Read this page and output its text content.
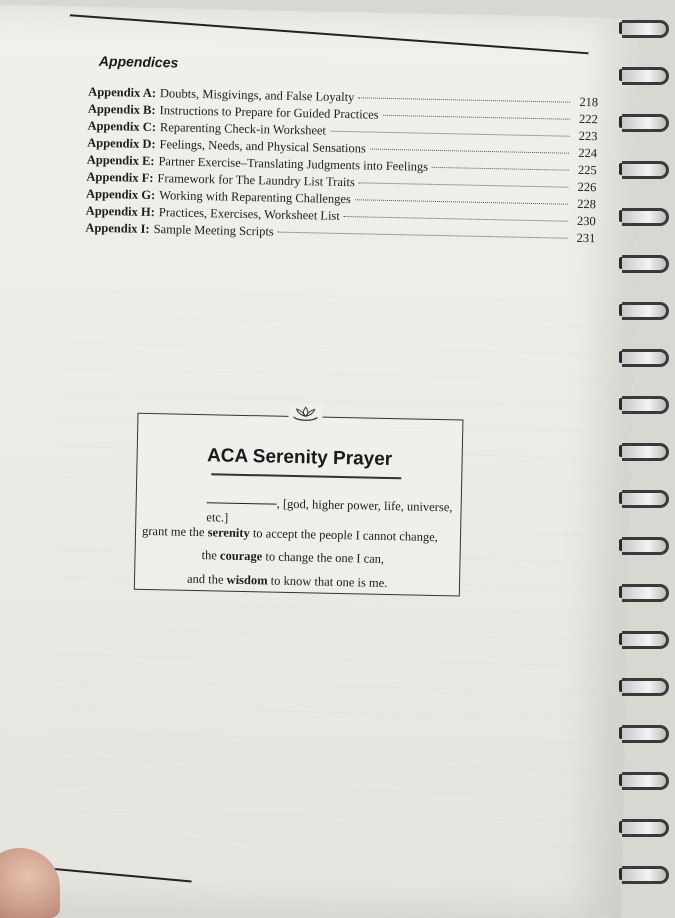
Appendices
Appendix A: Doubts, Misgivings, and False Loyalty	218
Appendix B: Instructions to Prepare for Guided Practices	222
Appendix C: Reparenting Check-in Worksheet	223
Appendix D: Feelings, Needs, and Physical Sensations	224
Appendix E: Partner Exercise–Translating Judgments into Feelings	225
Appendix F: Framework for The Laundry List Traits	226
Appendix G: Working with Reparenting Challenges	228
Appendix H: Practices, Exercises, Worksheet List	230
Appendix I: Sample Meeting Scripts	231
ACA Serenity Prayer
, [god, higher power, life, universe, etc.]
grant me the serenity to accept the people I cannot change,
the courage to change the one I can,
and the wisdom to know that one is me.
